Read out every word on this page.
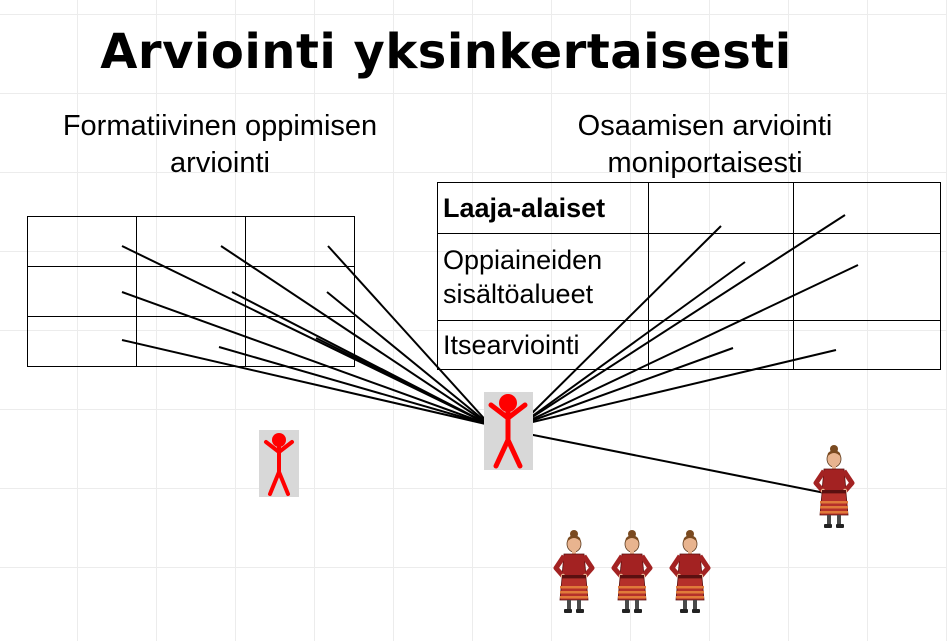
Arviointi yksinkertaisesti
Formatiivinen oppimisen
arviointi
Osaamisen arviointi
moniportaisesti

Laaja-alaiset		

Oppiaineiden
sisältöalueet		

Itsearviointi		
